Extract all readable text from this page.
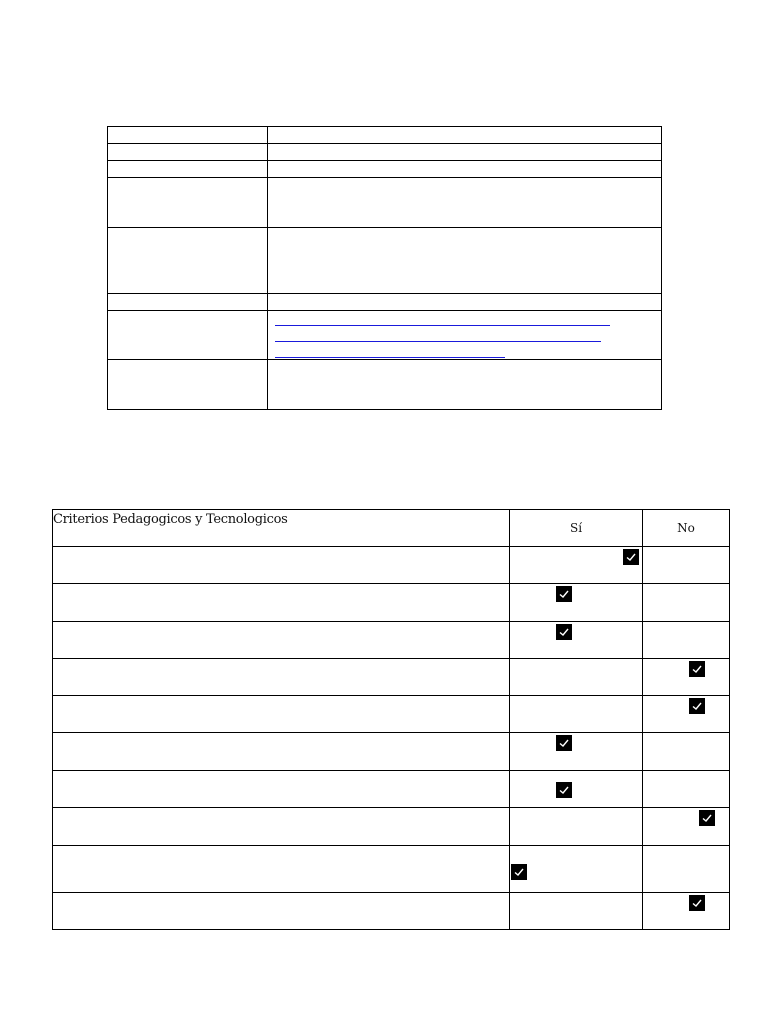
Criterios Pedagogicos y Tecnologicos	Sí	No
